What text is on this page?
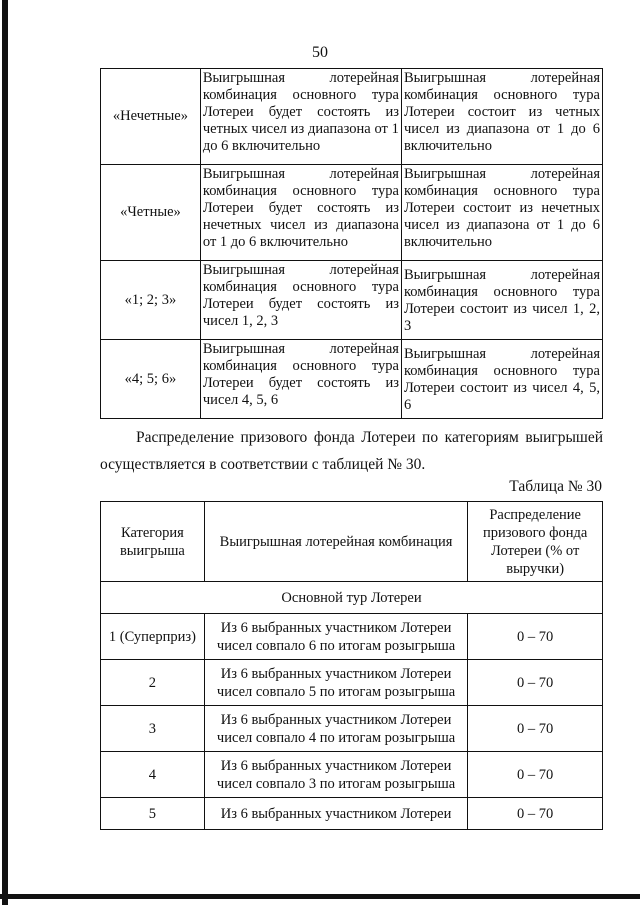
50
«Нечетные»	Выигрышная лотерейная комбинация основного тура Лотереи будет состоять из четных чисел из диапазона от 1 до 6 включительно	Выигрышная лотерейная комбинация основного тура Лотереи состоит из четных чисел из диапазона от 1 до 6 включительно
«Четные»	Выигрышная лотерейная комбинация основного тура Лотереи будет состоять из нечетных чисел из диапазона от 1 до 6 включительно	Выигрышная лотерейная комбинация основного тура Лотереи состоит из нечетных чисел из диапазона от 1 до 6 включительно
«1; 2; 3»	Выигрышная лотерейная комбинация основного тура Лотереи будет состоять из чисел 1, 2, 3	Выигрышная лотерейная комбинация основного тура Лотереи состоит из чисел 1, 2, 3
«4; 5; 6»	Выигрышная лотерейная комбинация основного тура Лотереи будет состоять из чисел 4, 5, 6	Выигрышная лотерейная комбинация основного тура Лотереи состоит из чисел 4, 5, 6
Распределение призового фонда Лотереи по категориям выигрышей
осуществляется в соответствии с таблицей № 30.
Таблица № 30
Категория выигрыша	Выигрышная лотерейная комбинация	Распределение призового фонда Лотереи (% от выручки)
Основной тур Лотереи		
1 (Суперприз)	Из 6 выбранных участником Лотереи чисел совпало 6 по итогам розыгрыша	0 – 70
2	Из 6 выбранных участником Лотереи чисел совпало 5 по итогам розыгрыша	0 – 70
3	Из 6 выбранных участником Лотереи чисел совпало 4 по итогам розыгрыша	0 – 70
4	Из 6 выбранных участником Лотереи чисел совпало 3 по итогам розыгрыша	0 – 70
5	Из 6 выбранных участником Лотереи	0 – 70
